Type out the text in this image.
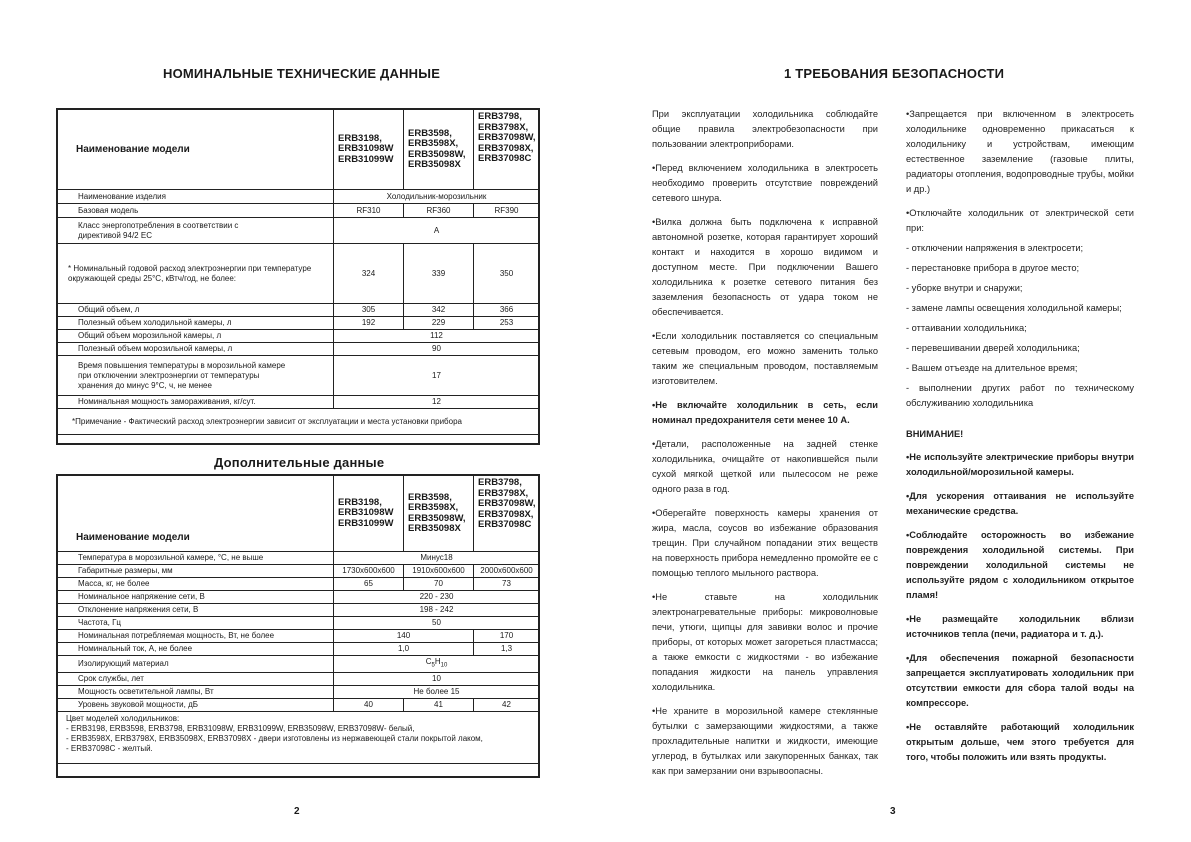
НОМИНАЛЬНЫЕ ТЕХНИЧЕСКИЕ ДАННЫЕ
Наименование модели	ERB3198,
ERB31098W
ERB31099W	ERB3598,
ERB3598X,
ERB35098W,
ERB35098X	ERB3798,
ERB3798X,
ERB37098W,
ERB37098X,
ERB37098C
Наименование изделия	Холодильник-морозильник		
Базовая модель	RF310	RF360	RF390
Класс энергопотребления в соответствии с
директивой 94/2 ЕС	А		
* Номинальный годовой расход электроэнергии при температуре
окружающей среды 25°С, кВтч/год, не более:	324	339	350
Общий объем, л	305	342	366
Полезный объем холодильной камеры, л	192	229	253
Общий объем морозильной камеры, л	112		
Полезный объем морозильной камеры, л	90		
Время повышения температуры в морозильной камере
при отключении электроэнергии от температуры
хранения до минус 9°С, ч, не менее	17		
Номинальная мощность замораживания, кг/сут.	12		
*Примечание - Фактический расход электроэнергии зависит от эксплуатации и места установки прибора			
Дополнительные данные
Наименование модели	ERB3198,
ERB31098W
ERB31099W	ERB3598,
ERB3598X,
ERB35098W,
ERB35098X	ERB3798,
ERB3798X,
ERB37098W,
ERB37098X,
ERB37098C
Температура в морозильной камере, °С, не выше	Минус18		
Габаритные размеры, мм	1730x600x600	1910x600x600	2000x600x600
Масса, кг, не более	65	70	73
Номинальное напряжение сети, В	220 - 230		
Отклонение напряжения сети, В	198 - 242		
Частота, Гц	50		
Номинальная потребляемая мощность, Вт, не более	140		170
Номинальный ток, А, не более	1,0		1,3
Изолирующий материал	$C_5H_{10}$
Срок службы, лет	10		
Мощность осветительной лампы, Вт	Не более 15		
Уровень звуковой мощности, дБ	40	41	42

Цвет моделей холодильников:
- ERB3198, ERB3598, ERB3798, ERB31098W, ERB31099W, ERB35098W, ERB37098W- белый,
- ERB3598X, ERB3798X, ERB35098X, ERB37098X - двери изготовлены из нержавеющей стали покрытой лаком,
- ERB37098C - желтый.			
2
1 ТРЕБОВАНИЯ БЕЗОПАСНОСТИ

При эксплуатации холодильника соблюдайте общие правила электробезопасности при пользовании электроприборами.

•Перед включением холодильника в электросеть необходимо проверить отсутствие повреждений сетевого шнура.

•Вилка должна быть подключена к исправной автономной розетке, которая гарантирует хороший контакт и находится в хорошо видимом и доступном месте. При подключении Вашего холодильника к розетке сетевого питания без заземления безопасность от удара током не обеспечивается.

•Если холодильник поставляется со специальным сетевым проводом, его можно заменить только таким же специальным проводом, поставляемым изготовителем.

•Не включайте холодильник в сеть, если номинал предохранителя сети менее 10 А.

•Детали, расположенные на задней стенке холодильника, очищайте от накопившейся пыли сухой мягкой щеткой или пылесосом не реже одного раза в год.

•Оберегайте поверхность камеры хранения от жира, масла, соусов во избежание образования трещин. При случайном попадании этих веществ на поверхность прибора немедленно промойте ее с помощью теплого мыльного раствора.

•Не ставьте на холодильник электронагревательные приборы: микроволновые печи, утюги, щипцы для завивки волос и прочие приборы, от которых может загореться пластмасса; а также емкости с жидкостями - во избежание попадания жидкости на панель управления холодильника.

•Не храните в морозильной камере стеклянные бутылки с замерзающими жидкостями, а также прохладительные напитки и жидкости, имеющие углерод, в бутылках или закупоренных банках, так как при замерзании они взрывоопасны.

•Запрещается при включенном в электросеть холодильнике одновременно прикасаться к холодильнику и устройствам, имеющим естественное заземление (газовые плиты, радиаторы отопления, водопроводные трубы, мойки и др.)

•Отключайте холодильник от электрической сети при:

- отключении напряжения в электросети;

- перестановке прибора в другое место;

- уборке внутри и снаружи;

- замене лампы освещения холодильной камеры;

- оттаивании холодильника;

- перевешивании дверей холодильника;

- Вашем отъезде на длительное время;

- выполнении других работ по техническому обслуживанию холодильника

ВНИМАНИЕ!

•Не используйте электрические приборы внутри холодильной/морозильной камеры.

•Для ускорения оттаивания не используйте механические средства.

•Соблюдайте осторожность во избежание повреждения холодильной системы. При повреждении холодильной системы не используйте рядом с холодильником открытое пламя!

•Не размещайте холодильник вблизи источников тепла (печи, радиатора и т. д.).

•Для обеспечения пожарной безопасности запрещается эксплуатировать холодильник при отсутствии емкости для сбора талой воды на компрессоре.

•Не оставляйте работающий холодильник открытым дольше, чем этого требуется для того, чтобы положить или взять продукты.

3
